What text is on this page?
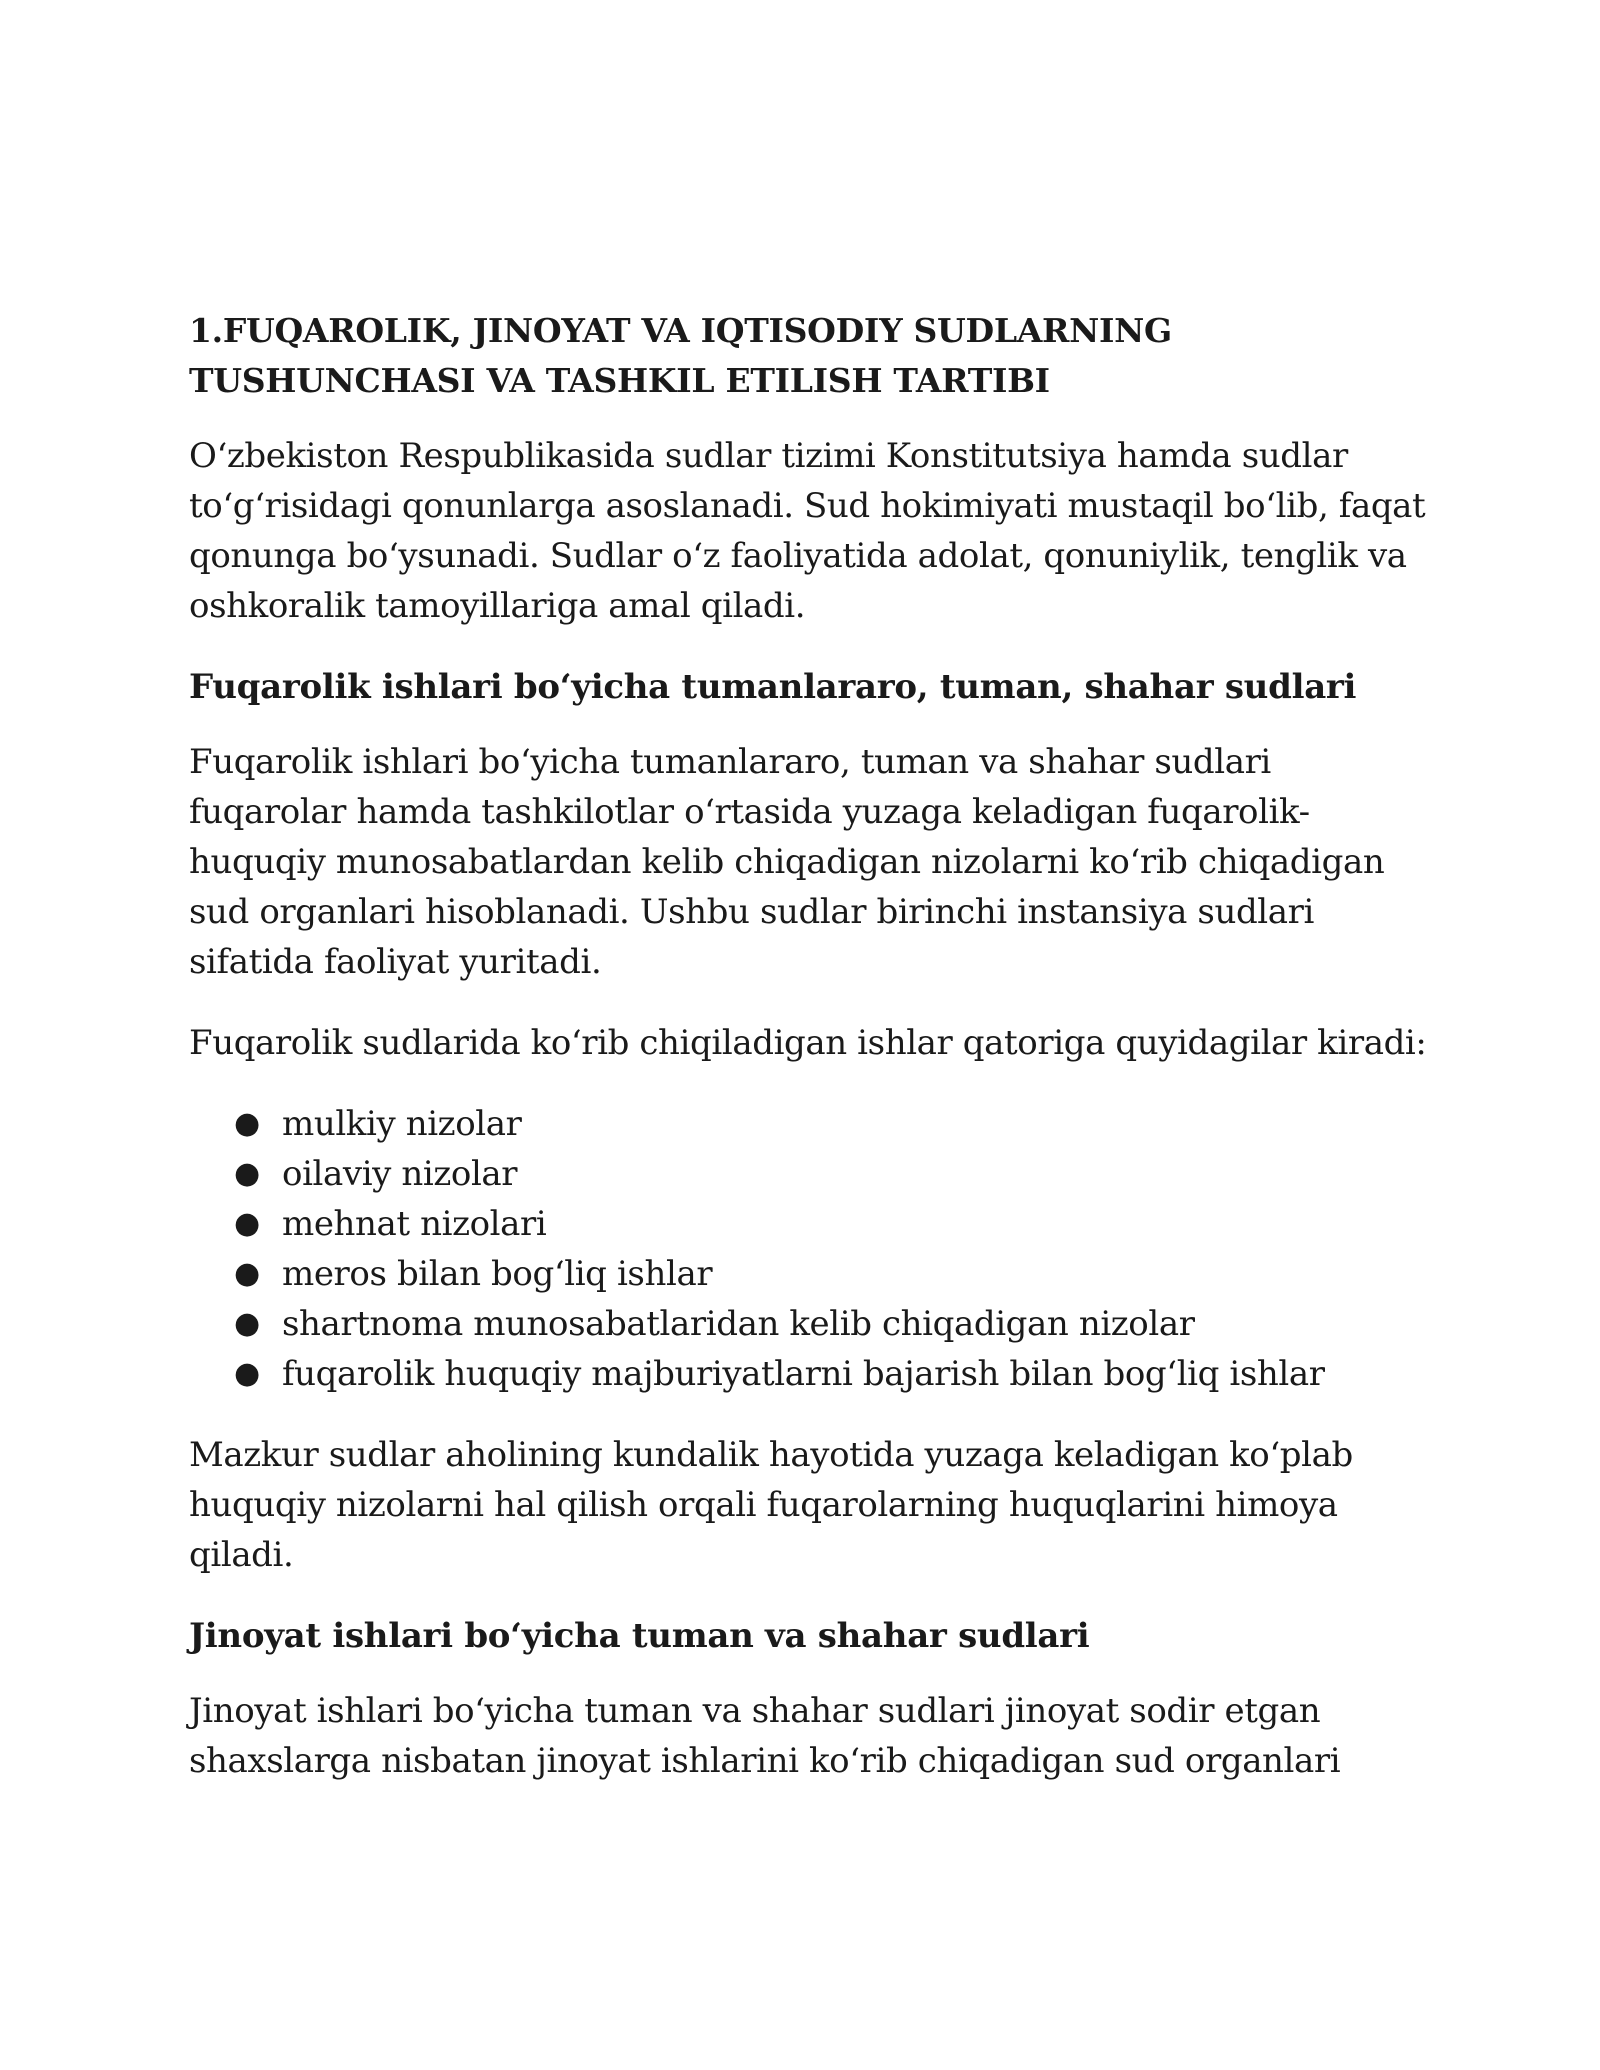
1.FUQAROLIK, JINOYAT VA IQTISODIY SUDLARNING
TUSHUNCHASI VA TASHKIL ETILISH TARTIBI

O‘zbekiston Respublikasida sudlar tizimi Konstitutsiya hamda sudlar to‘g‘risidagi qonunlarga asoslanadi. Sud hokimiyati mustaqil bo‘lib, faqat qonunga bo‘ysunadi. Sudlar o‘z faoliyatida adolat, qonuniylik, tenglik va oshkoralik tamoyillariga amal qiladi.

Fuqarolik ishlari bo‘yicha tumanlararo, tuman, shahar sudlari

Fuqarolik ishlari bo‘yicha tumanlararo, tuman va shahar sudlari fuqarolar hamda tashkilotlar o‘rtasida yuzaga keladigan fuqarolik-huquqiy munosabatlardan kelib chiqadigan nizolarni ko‘rib chiqadigan sud organlari hisoblanadi. Ushbu sudlar birinchi instansiya sudlari sifatida faoliyat yuritadi.

Fuqarolik sudlarida ko‘rib chiqiladigan ishlar qatoriga quyidagilar kiradi:

● mulkiy nizolar
● oilaviy nizolar
● mehnat nizolari
● meros bilan bog‘liq ishlar
● shartnoma munosabatlaridan kelib chiqadigan nizolar
● fuqarolik huquqiy majburiyatlarni bajarish bilan bog‘liq ishlar

Mazkur sudlar aholining kundalik hayotida yuzaga keladigan ko‘plab huquqiy nizolarni hal qilish orqali fuqarolarning huquqlarini himoya qiladi.

Jinoyat ishlari bo‘yicha tuman va shahar sudlari

Jinoyat ishlari bo‘yicha tuman va shahar sudlari jinoyat sodir etgan shaxslarga nisbatan jinoyat ishlarini ko‘rib chiqadigan sud organlari
